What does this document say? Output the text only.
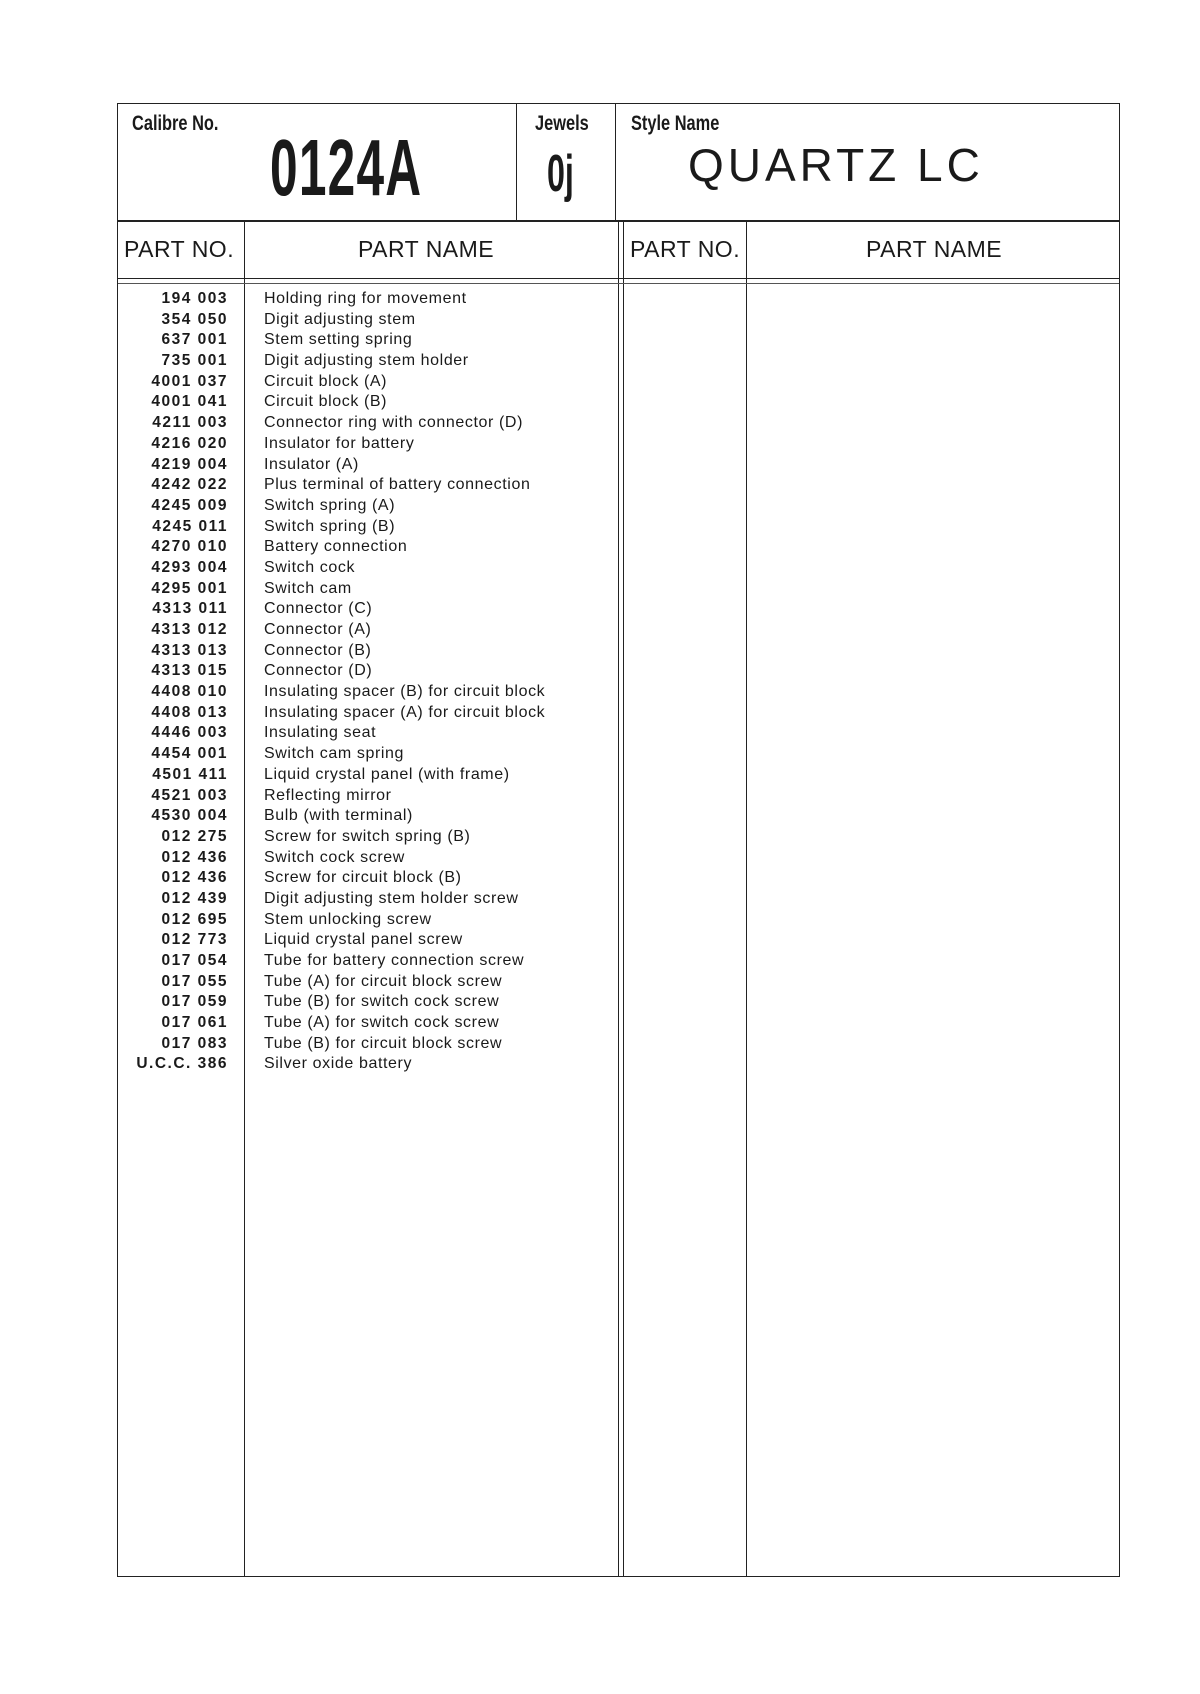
Calibre No. 0124A	Jewels
0j
Style Name
QUARTZ LC
PART NO.	PART NAME	PART NO.	PART NAME
194 003 Holding ring for movement
354 050 Digit adjusting stem
637 001 Stem setting spring
735 001 Digit adjusting stem holder
4001 037 Circuit block (A)
4001 041 Circuit block (B)
4211 003 Connector ring with connector (D)
4216 020 Insulator for battery
4219 004 Insulator (A)
4242 022 Plus terminal of battery connection
4245 009 Switch spring (A)
4245 011 Switch spring (B)
4270 010 Battery connection
4293 004 Switch cock
4295 001 Switch cam
4313 011 Connector (C)
4313 012 Connector (A)
4313 013 Connector (B)
4313 015 Connector (D)
4408 010 Insulating spacer (B) for circuit block
4408 013 Insulating spacer (A) for circuit block
4446 003 Insulating seat
4454 001 Switch cam spring
4501 411 Liquid crystal panel (with frame)
4521 003 Reflecting mirror
4530 004 Bulb (with terminal)
012 275 Screw for switch spring (B)
012 436 Switch cock screw
012 436 Screw for circuit block (B)
012 439 Digit adjusting stem holder screw
012 695 Stem unlocking screw
012 773 Liquid crystal panel screw
017 054 Tube for battery connection screw
017 055 Tube (A) for circuit block screw
017 059 Tube (B) for switch cock screw
017 061 Tube (A) for switch cock screw
017 083 Tube (B) for circuit block screw
U.C.C. 386 Silver oxide battery
